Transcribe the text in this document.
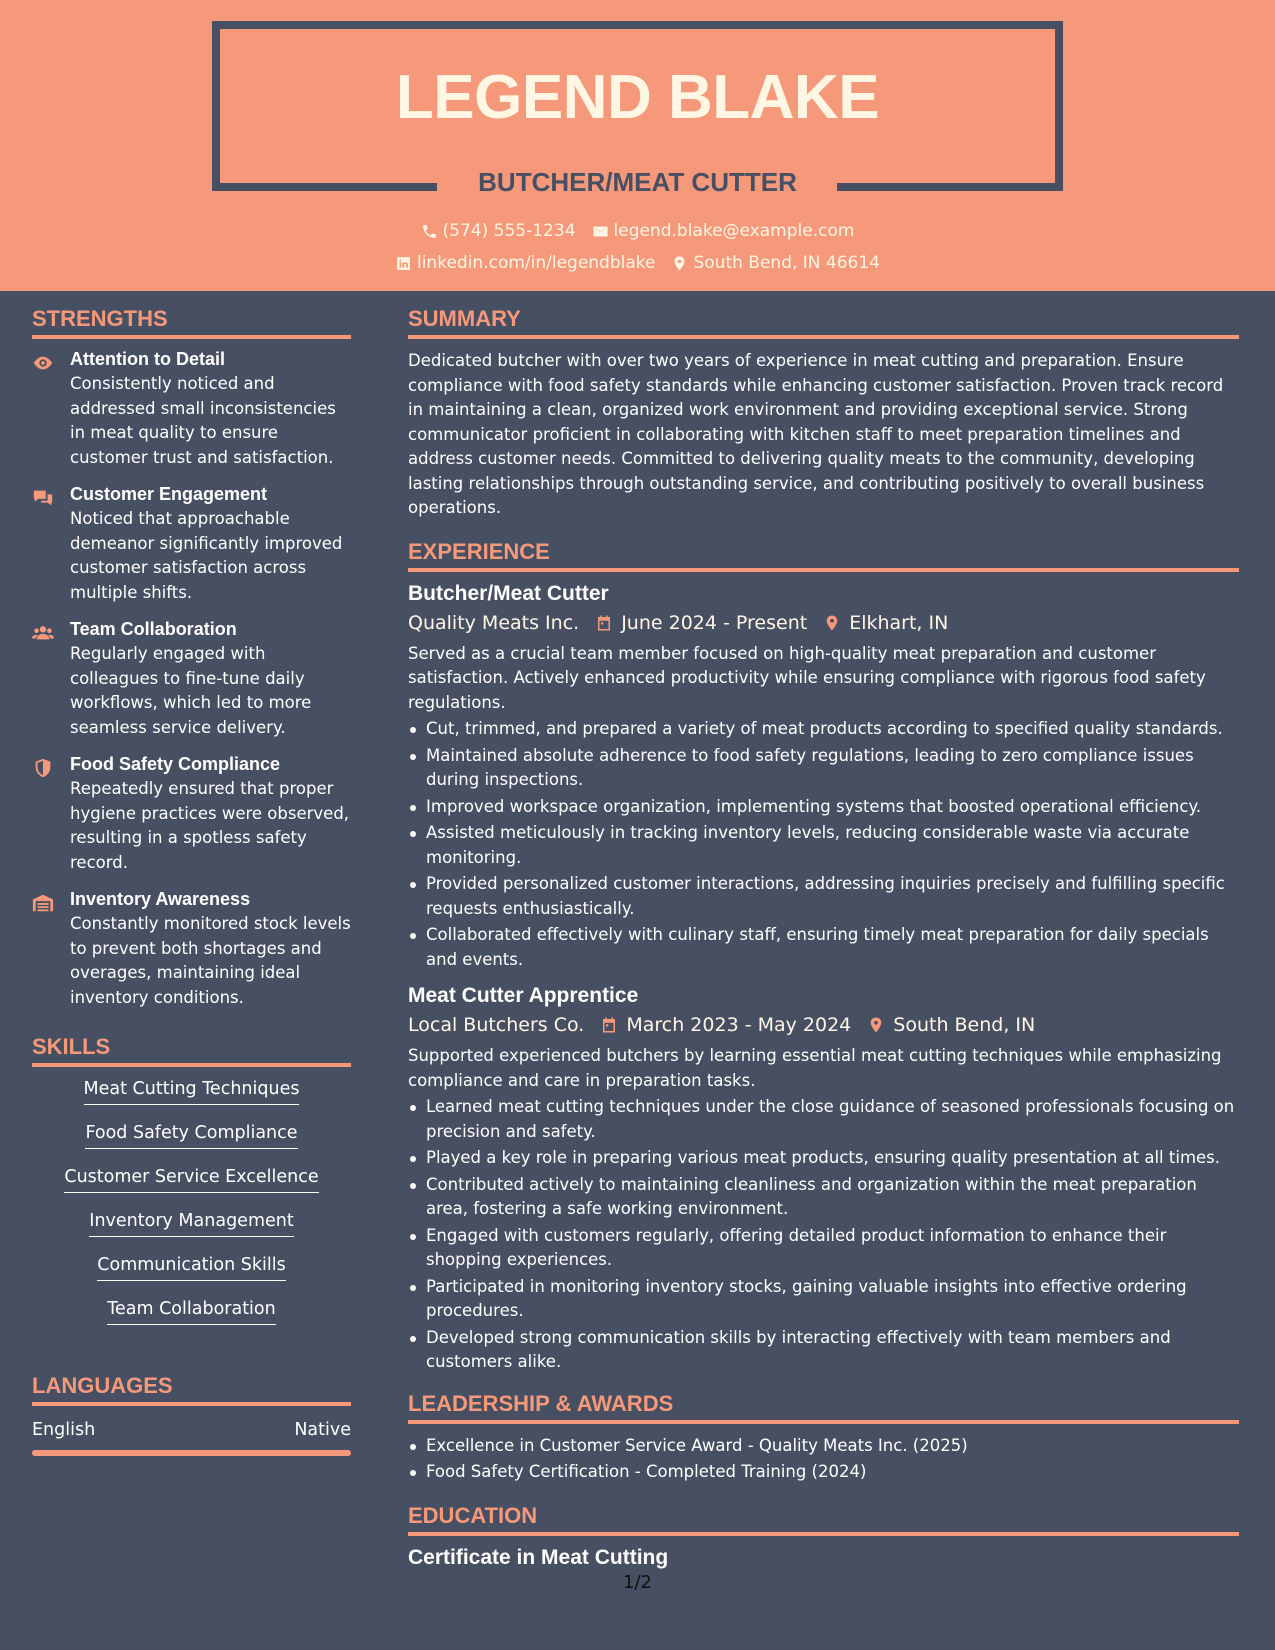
LEGEND BLAKE
BUTCHER/MEAT CUTTER
(574) 555-1234 legend.blake@example.com
linkedin.com/in/legendblake South Bend, IN 46614
STRENGTHS
Attention to Detail
Consistently noticed and addressed small inconsistencies in meat quality to ensure customer trust and satisfaction.
Customer Engagement
Noticed that approachable demeanor significantly improved customer satisfaction across multiple shifts.
Team Collaboration
Regularly engaged with colleagues to fine-tune daily workflows, which led to more seamless service delivery.
Food Safety Compliance
Repeatedly ensured that proper hygiene practices were observed, resulting in a spotless safety record.
Inventory Awareness
Constantly monitored stock levels to prevent both shortages and overages, maintaining ideal inventory conditions.
SKILLS
Meat Cutting Techniques
Food Safety Compliance
Customer Service Excellence
Inventory Management
Communication Skills
Team Collaboration
LANGUAGES
English	Native
SUMMARY
Dedicated butcher with over two years of experience in meat cutting and preparation. Ensure compliance with food safety standards while enhancing customer satisfaction. Proven track record in maintaining a clean, organized work environment and providing exceptional service. Strong communicator proficient in collaborating with kitchen staff to meet preparation timelines and address customer needs. Committed to delivering quality meats to the community, developing lasting relationships through outstanding service, and contributing positively to overall business operations.
EXPERIENCE
Butcher/Meat Cutter
Quality Meats Inc. June 2024 - Present Elkhart, IN
Served as a crucial team member focused on high-quality meat preparation and customer satisfaction. Actively enhanced productivity while ensuring compliance with rigorous food safety regulations.
Cut, trimmed, and prepared a variety of meat products according to specified quality standards.
Maintained absolute adherence to food safety regulations, leading to zero compliance issues during inspections.
Improved workspace organization, implementing systems that boosted operational efficiency.
Assisted meticulously in tracking inventory levels, reducing considerable waste via accurate monitoring.
Provided personalized customer interactions, addressing inquiries precisely and fulfilling specific requests enthusiastically.
Collaborated effectively with culinary staff, ensuring timely meat preparation for daily specials and events.
Meat Cutter Apprentice
Local Butchers Co. March 2023 - May 2024 South Bend, IN
Supported experienced butchers by learning essential meat cutting techniques while emphasizing compliance and care in preparation tasks.
Learned meat cutting techniques under the close guidance of seasoned professionals focusing on precision and safety.
Played a key role in preparing various meat products, ensuring quality presentation at all times.
Contributed actively to maintaining cleanliness and organization within the meat preparation area, fostering a safe working environment.
Engaged with customers regularly, offering detailed product information to enhance their shopping experiences.
Participated in monitoring inventory stocks, gaining valuable insights into effective ordering procedures.
Developed strong communication skills by interacting effectively with team members and customers alike.
LEADERSHIP & AWARDS
Excellence in Customer Service Award - Quality Meats Inc. (2025)
Food Safety Certification - Completed Training (2024)
EDUCATION
Certificate in Meat Cutting
1/2
